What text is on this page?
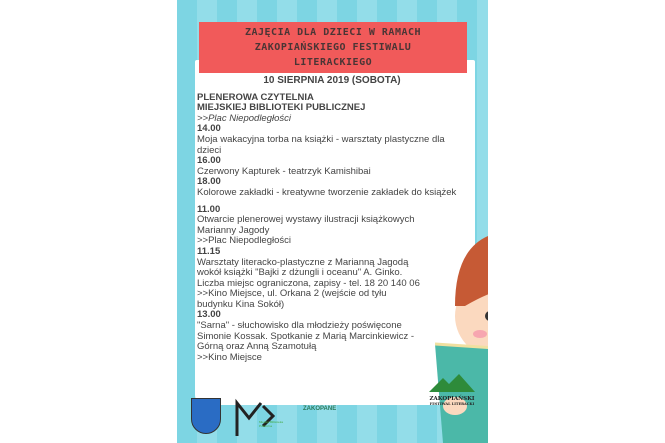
ZAJĘCIA DLA DZIECI W RAMACH
ZAKOPIAŃSKIEGO FESTIWALU
LITERACKIEGO
10 SIERPNIA 2019 (SOBOTA)
PLENEROWA CZYTELNIA
MIEJSKIEJ BIBLIOTEKI PUBLICZNEJ
>>Plac Niepodległości
14.00
Moja wakacyjna torba na książki - warsztaty plastyczne dla dzieci
16.00
Czerwony Kapturek - teatrzyk Kamishibai
18.00
Kolorowe zakładki - kreatywne tworzenie zakładek do książek
11.00
Otwarcie plenerowej wystawy ilustracji książkowych Marianny Jagody
>>Plac Niepodległości
11.15
Warsztaty literacko-plastyczne z Marianną Jagodą wokół książki "Bajki z dżungli i oceanu" A. Ginko. Liczba miejsc ograniczona, zapisy - tel. 18 20 140 06
>>Kino Miejsce, ul. Orkana 2 (wejście od tyłu budynku Kina Sokół)
13.00
"Sarna" - słuchowisko dla młodzieży poświęcone Simonie Kossak. Spotkanie z Marią Marcinkiewicz - Górną oraz Anną Szamotułą
>>Kino Miejsce
Miejska Biblioteka Publiczna
ZAKOPANE
ZAKOPIAŃSKI
FESTIWAL LITERACKI
